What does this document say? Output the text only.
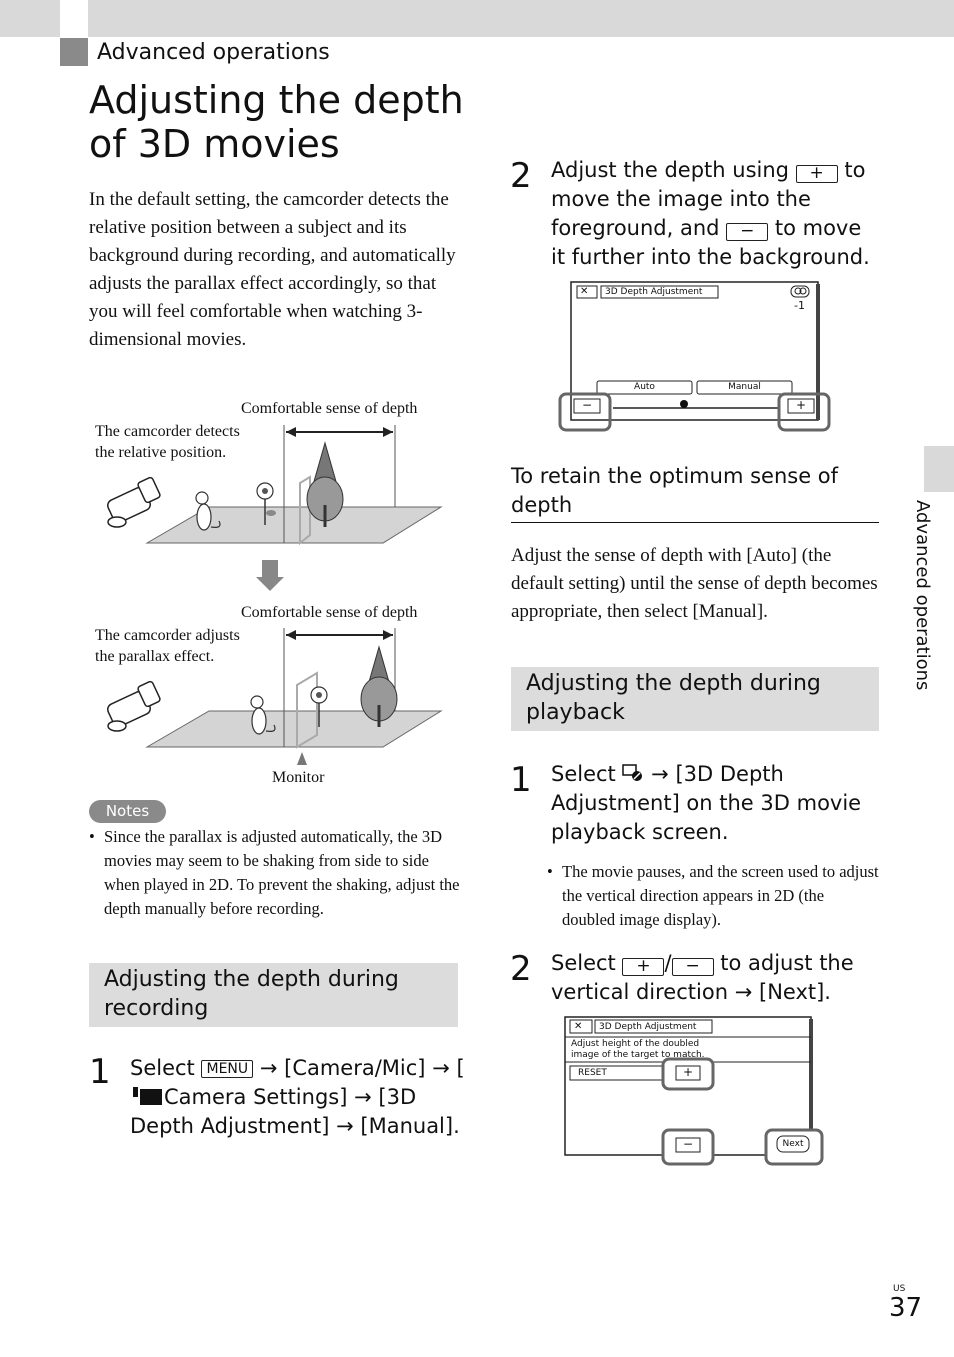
Advanced operations
Adjusting the depth of 3D movies

In the default setting, the camcorder detects the relative position between a subject and its background during recording, and automatically adjusts the parallax effect accordingly, so that you will feel comfortable when watching 3-dimensional movies.

Comfortable sense of depth
The camcorder detects
the relative position.
Comfortable sense of depth
The camcorder adjusts
the parallax effect.
Monitor
Notes
• Since the parallax is adjusted automatically, the 3D movies may seem to be shaking from side to side when played in 2D. To prevent the shaking, adjust the depth manually before recording.
Adjusting the depth during recording
1 Select MENU → [Camera/Mic] → [Camera Settings] → [3D Depth Adjustment] → [Manual].
2 Adjust the depth using + to move the image into the foreground, and − to move it further into the background.
✕ 3D Depth Adjustment
-1
Auto	Manual
−	+
To retain the optimum sense of depth

Adjust the sense of depth with [Auto] (the default setting) until the sense of depth becomes appropriate, then select [Manual].

Adjusting the depth during playback
1 Select → [3D Depth Adjustment] on the 3D movie playback screen.
• The movie pauses, and the screen used to adjust the vertical direction appears in 2D (the doubled image display).
2 Select + / − to adjust the vertical direction → [Next].
✕ 3D Depth Adjustment
Adjust height of the doubled
image of the target to match.
RESET	+
−	Next
Advanced operations
US
37
